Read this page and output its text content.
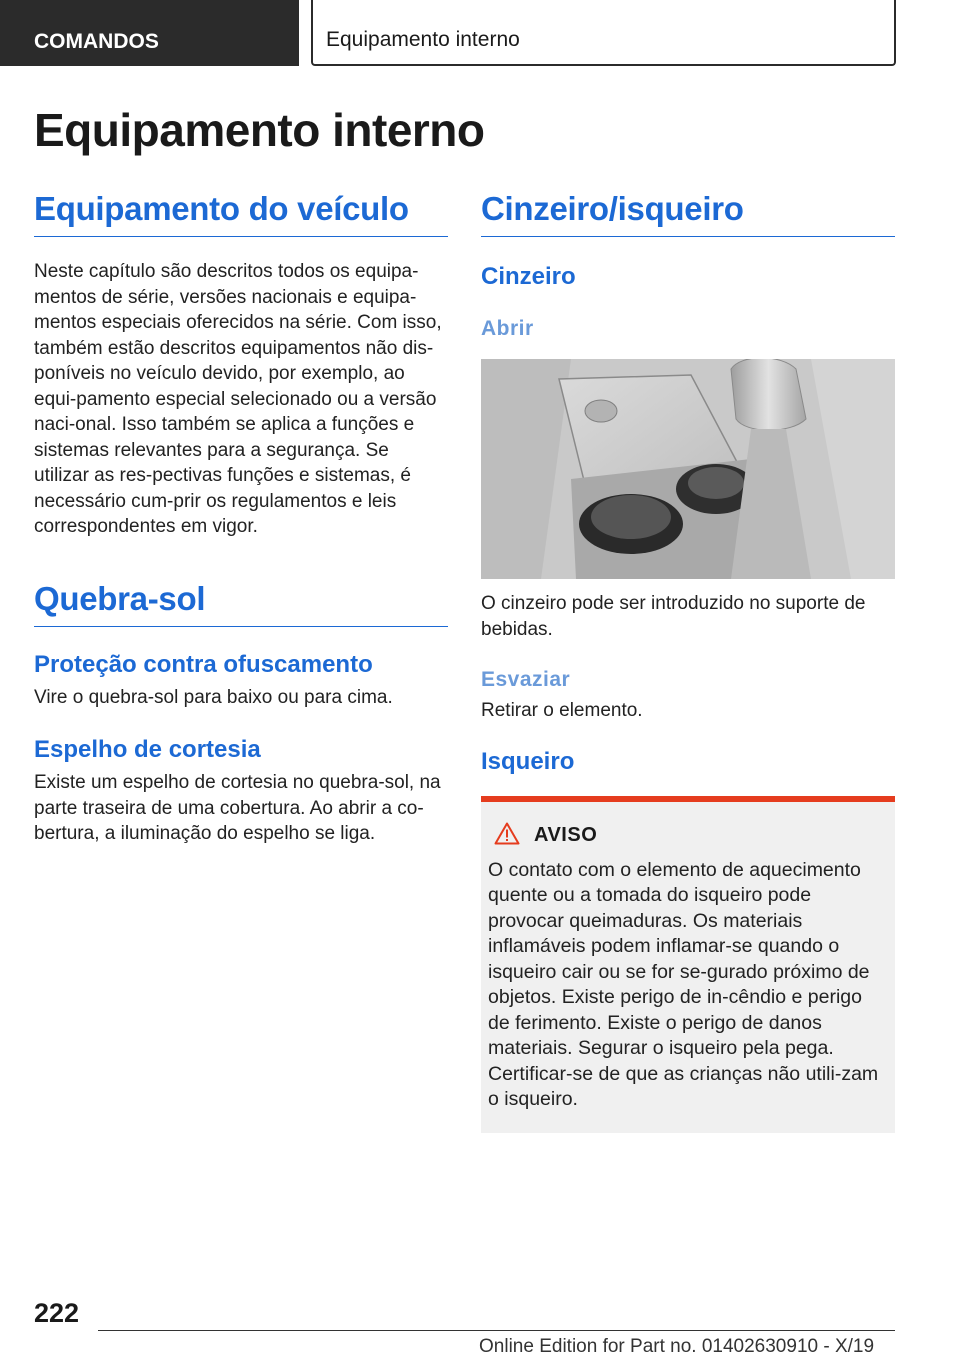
COMANDOS	Equipamento interno
Equipamento interno
Equipamento do veículo

Neste capítulo são descritos todos os equipa-mentos de série, versões nacionais e equipa-mentos especiais oferecidos na série. Com isso, também estão descritos equipamentos não dis-poníveis no veículo devido, por exemplo, ao equi-pamento especial selecionado ou a versão naci-onal. Isso também se aplica a funções e sistemas relevantes para a segurança. Se utilizar as res-pectivas funções e sistemas, é necessário cum-prir os regulamentos e leis correspondentes em vigor.

Quebra-sol
Proteção contra ofuscamento

Vire o quebra-sol para baixo ou para cima.

Espelho de cortesia

Existe um espelho de cortesia no quebra-sol, na parte traseira de uma cobertura. Ao abrir a co-bertura, a iluminação do espelho se liga.

Cinzeiro/isqueiro
Cinzeiro
Abrir

O cinzeiro pode ser introduzido no suporte de bebidas.

Esvaziar

Retirar o elemento.

Isqueiro
AVISO

O contato com o elemento de aquecimento quente ou a tomada do isqueiro pode provocar queimaduras. Os materiais inflamáveis podem inflamar-se quando o isqueiro cair ou se for se-gurado próximo de objetos. Existe perigo de in-cêndio e perigo de ferimento. Existe o perigo de danos materiais. Segurar o isqueiro pela pega. Certificar-se de que as crianças não utili-zam o isqueiro.

222
Online Edition for Part no. 01402630910 - X/19
